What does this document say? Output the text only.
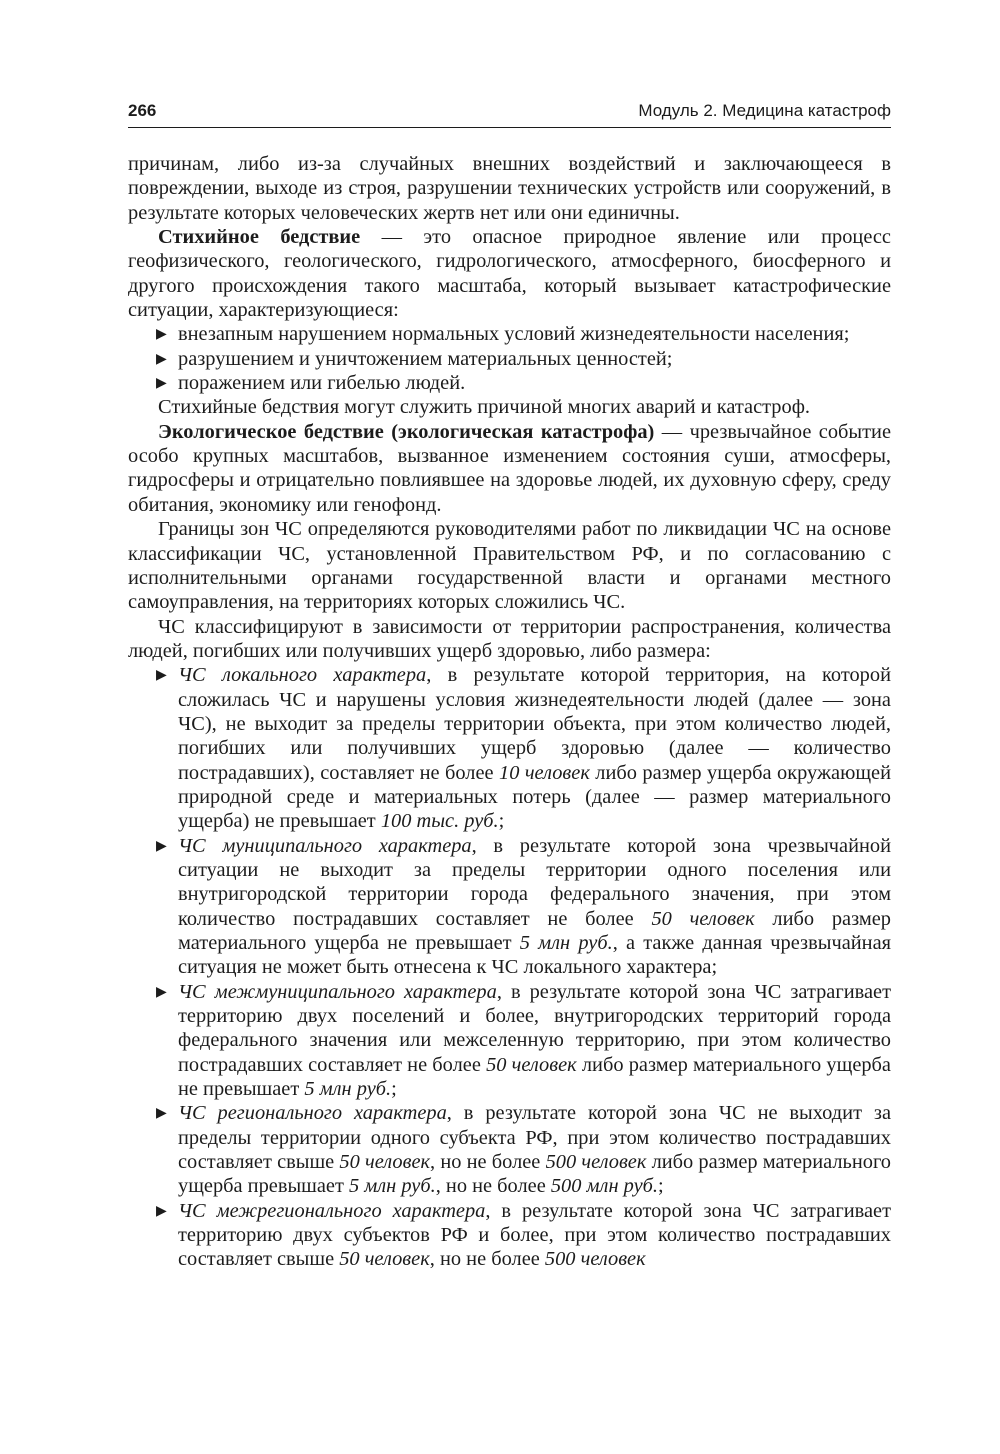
266	Модуль 2. Медицина катастроф

причинам, либо из-за случайных внешних воздействий и заключающееся в повреждении, выходе из строя, разрушении технических устройств или сооружений, в результате которых человеческих жертв нет или они единичны.

Стихийное бедствие — это опасное природное явление или процесс геофизического, геологического, гидрологического, атмосферного, биосферного и другого происхождения такого масштаба, который вызывает катастрофические ситуации, характеризующиеся:

▶ внезапным нарушением нормальных условий жизнедеятельности населения;
▶ разрушением и уничтожением материальных ценностей;
▶ поражением или гибелью людей.

Стихийные бедствия могут служить причиной многих аварий и катастроф.

Экологическое бедствие (экологическая катастрофа) — чрезвычайное событие особо крупных масштабов, вызванное изменением состояния суши, атмосферы, гидросферы и отрицательно повлиявшее на здоровье людей, их духовную сферу, среду обитания, экономику или генофонд.

Границы зон ЧС определяются руководителями работ по ликвидации ЧС на основе классификации ЧС, установленной Правительством РФ, и по согласованию с исполнительными органами государственной власти и органами местного самоуправления, на территориях которых сложились ЧС.

ЧС классифицируют в зависимости от территории распространения, количества людей, погибших или получивших ущерб здоровью, либо размера:

▶ ЧС локального характера, в результате которой территория, на которой сложилась ЧС и нарушены условия жизнедеятельности людей (далее — зона ЧС), не выходит за пределы территории объекта, при этом количество людей, погибших или получивших ущерб здоровью (далее — количество пострадавших), составляет не более 10 человек либо размер ущерба окружающей природной среде и материальных потерь (далее — размер материального ущерба) не превышает 100 тыс. руб.;
▶ ЧС муниципального характера, в результате которой зона чрезвычайной ситуации не выходит за пределы территории одного поселения или внутригородской территории города федерального значения, при этом количество пострадавших составляет не более 50 человек либо размер материального ущерба не превышает 5 млн руб., а также данная чрезвычайная ситуация не может быть отнесена к ЧС локального характера;
▶ ЧС межмуниципального характера, в результате которой зона ЧС затрагивает территорию двух поселений и более, внутригородских территорий города федерального значения или межселенную территорию, при этом количество пострадавших составляет не более 50 человек либо размер материального ущерба не превышает 5 млн руб.;
▶ ЧС регионального характера, в результате которой зона ЧС не выходит за пределы территории одного субъекта РФ, при этом количество пострадавших составляет свыше 50 человек, но не более 500 человек либо размер материального ущерба превышает 5 млн руб., но не более 500 млн руб.;
▶ ЧС межрегионального характера, в результате которой зона ЧС затрагивает территорию двух субъектов РФ и более, при этом количество пострадавших составляет свыше 50 человек, но не более 500 человек
